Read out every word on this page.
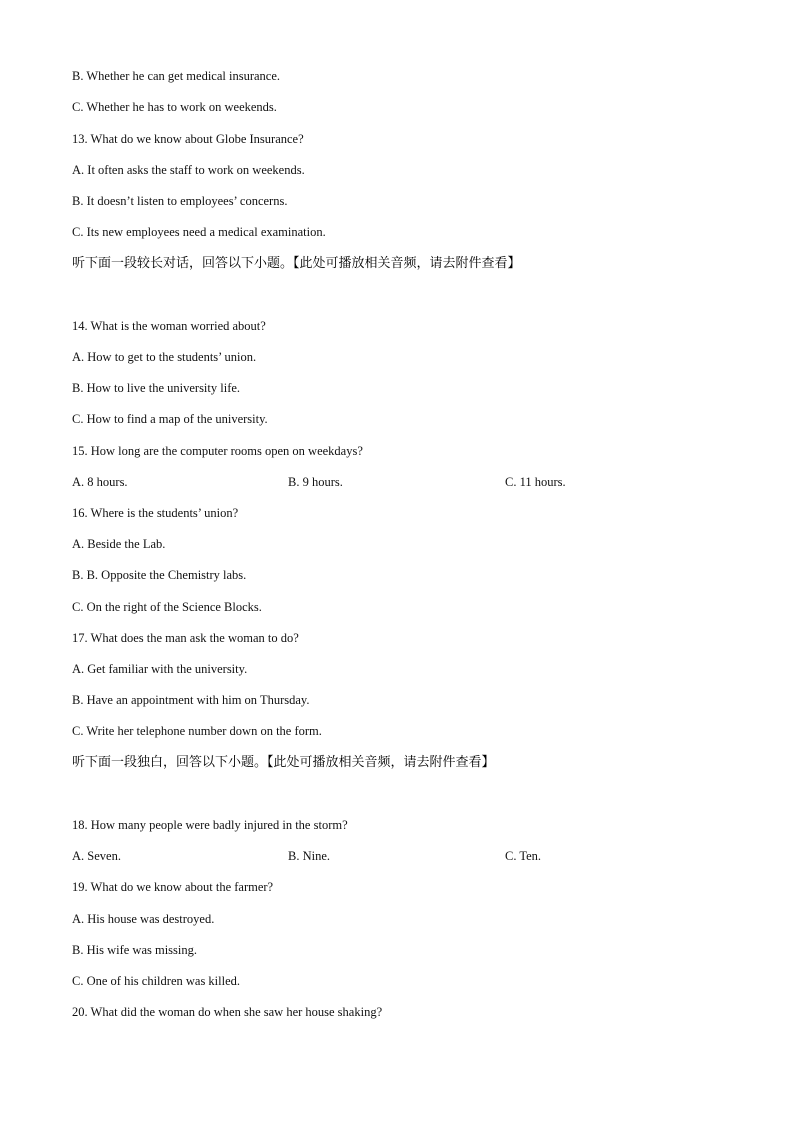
B. Whether he can get medical insurance.
C. Whether he has to work on weekends.
13. What do we know about Globe Insurance?
A. It often asks the staff to work on weekends.
B. It doesn’t listen to employees’ concerns.
C. Its new employees need a medical examination.
听下面一段较长对话，回答以下小题。【此处可播放相关音频，请去附件查看】
14. What is the woman worried about?
A. How to get to the students’ union.
B. How to live the university life.
C. How to find a map of the university.
15. How long are the computer rooms open on weekdays?
A. 8 hours.	B. 9 hours.	C. 11 hours.
16. Where is the students’ union?
A. Beside the Lab.
B. B. Opposite the Chemistry labs.
C. On the right of the Science Blocks.
17. What does the man ask the woman to do?
A. Get familiar with the university.
B. Have an appointment with him on Thursday.
C. Write her telephone number down on the form.
听下面一段独白，回答以下小题。【此处可播放相关音频，请去附件查看】
18. How many people were badly injured in the storm?
A. Seven.	B. Nine.	C. Ten.
19. What do we know about the farmer?
A. His house was destroyed.
B. His wife was missing.
C. One of his children was killed.
20. What did the woman do when she saw her house shaking?
